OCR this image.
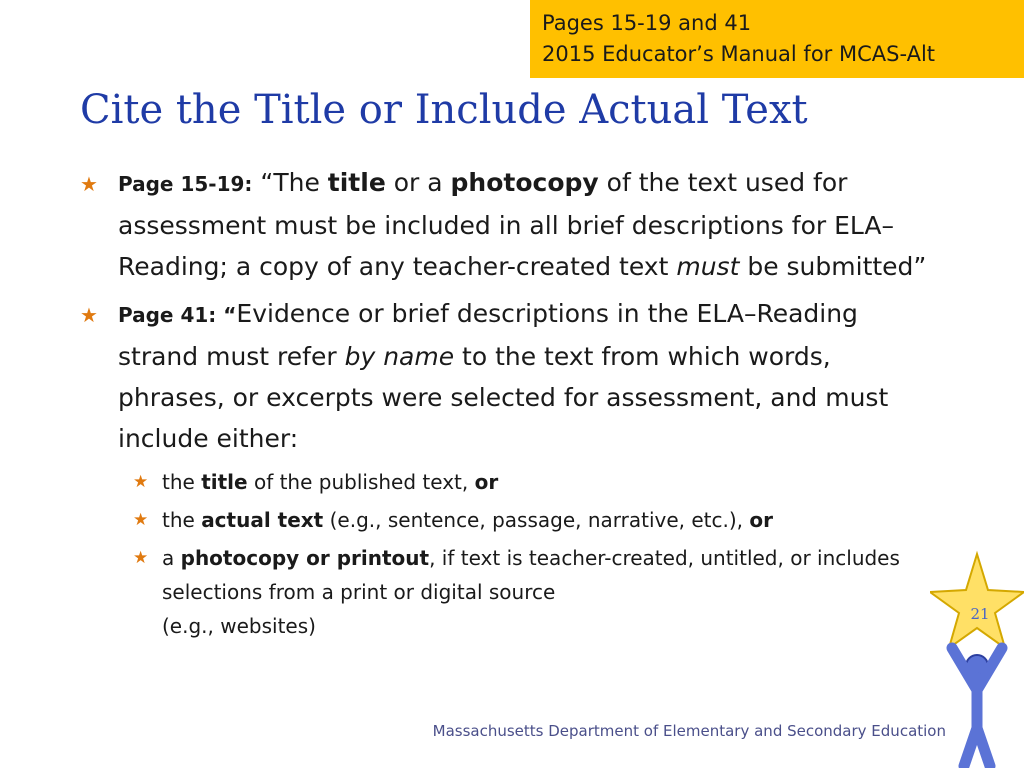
Pages 15-19 and 41
2015 Educator’s Manual for MCAS-Alt
Cite the Title or Include Actual Text
★ Page 15-19: “The title or a photocopy of the text used for assessment must be included in all brief descriptions for ELA–Reading; a copy of any teacher-created text must be submitted”
★ Page 41: “Evidence or brief descriptions in the ELA–Reading strand must refer by name to the text from which words, phrases, or excerpts were selected for assessment, and must include either:
★ the title of the published text, or
★ the actual text (e.g., sentence, passage, narrative, etc.), or
★ a photocopy or printout, if text is teacher-created, untitled, or includes selections from a print or digital source
(e.g., websites)	21
Massachusetts Department of Elementary and Secondary Education
